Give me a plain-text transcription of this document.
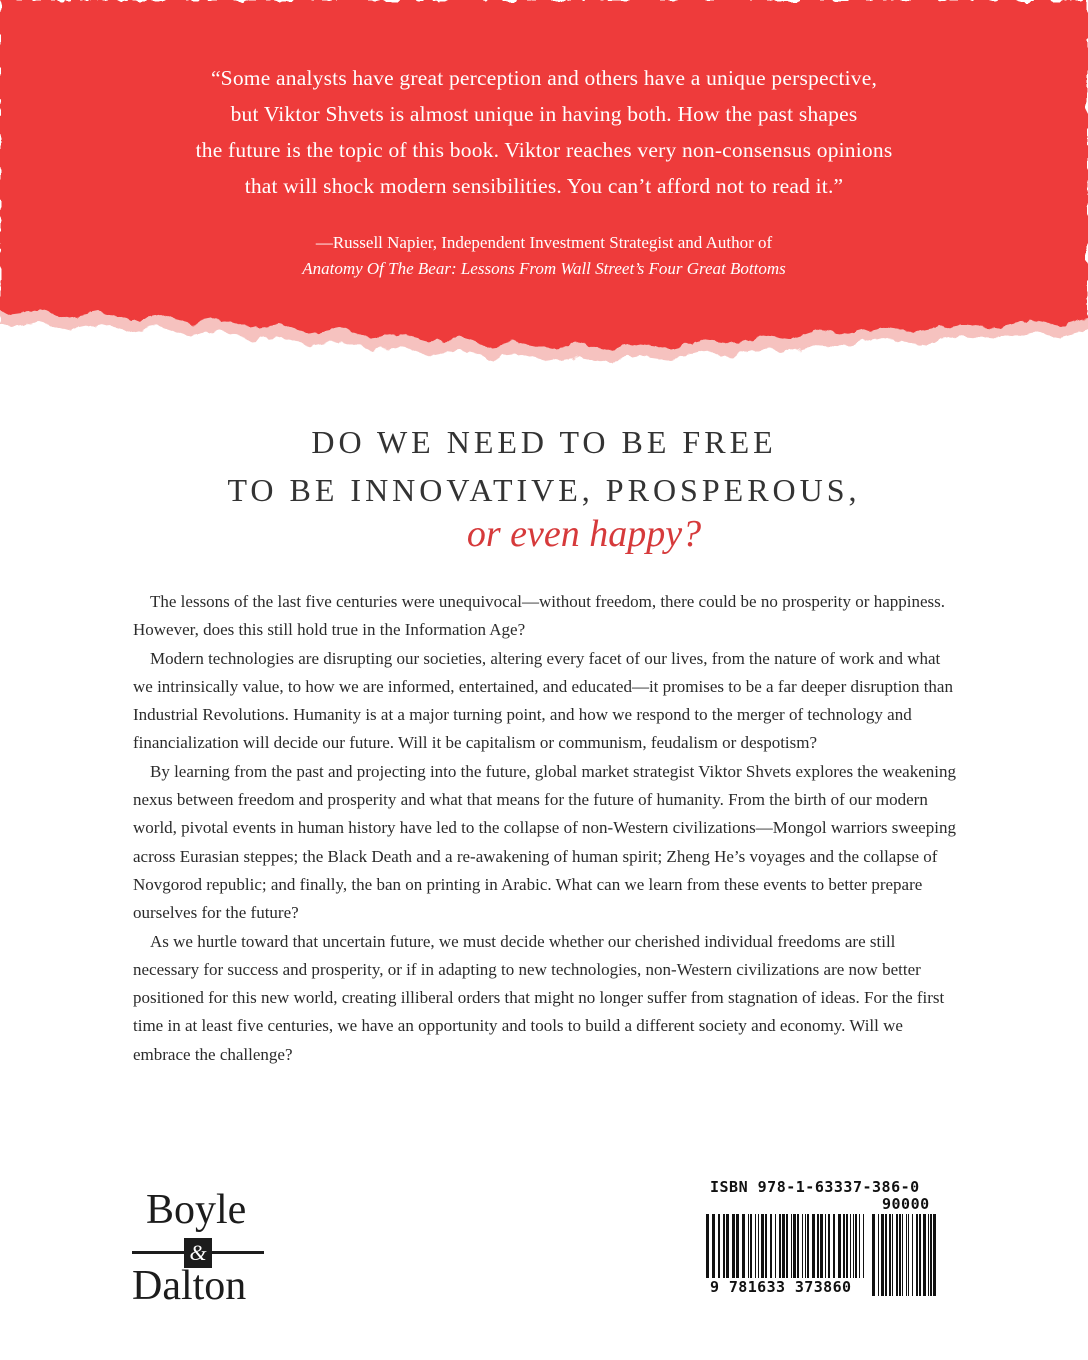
“Some analysts have great perception and others have a unique perspective,
but Viktor Shvets is almost unique in having both. How the past shapes
the future is the topic of this book. Viktor reaches very non-consensus opinions
that will shock modern sensibilities. You can’t afford not to read it.”
—Russell Napier, Independent Investment Strategist and Author of
Anatomy Of The Bear: Lessons From Wall Street’s Four Great Bottoms
DO WE NEED TO BE FREE
TO BE INNOVATIVE, PROSPEROUS,
or even happy?

The lessons of the last five centuries were unequivocal—without freedom, there could be no prosperity or happiness. However, does this still hold true in the Information Age?

Modern technologies are disrupting our societies, altering every facet of our lives, from the nature of work and what we intrinsically value, to how we are informed, entertained, and educated—it promises to be a far deeper disruption than Industrial Revolutions. Humanity is at a major turning point, and how we respond to the merger of technology and financialization will decide our future. Will it be capitalism or communism, feudalism or despotism?

By learning from the past and projecting into the future, global market strategist Viktor Shvets explores the weakening nexus between freedom and prosperity and what that means for the future of humanity. From the birth of our modern world, pivotal events in human history have led to the collapse of non-Western civilizations—Mongol warriors sweeping across Eurasian steppes; the Black Death and a re-awakening of human spirit; Zheng He’s voyages and the collapse of Novgorod republic; and finally, the ban on printing in Arabic. What can we learn from these events to better prepare ourselves for the future?

As we hurtle toward that uncertain future, we must decide whether our cherished individual freedoms are still necessary for success and prosperity, or if in adapting to new technologies, non-Western civilizations are now better positioned for this new world, creating illiberal orders that might no longer suffer from stagnation of ideas. For the first time in at least five centuries, we have an opportunity and tools to build a different society and economy. Will we embrace the challenge?

Boyle
&
Dalton
ISBN 978-1-63337-386-0
90000
9 781633 373860
